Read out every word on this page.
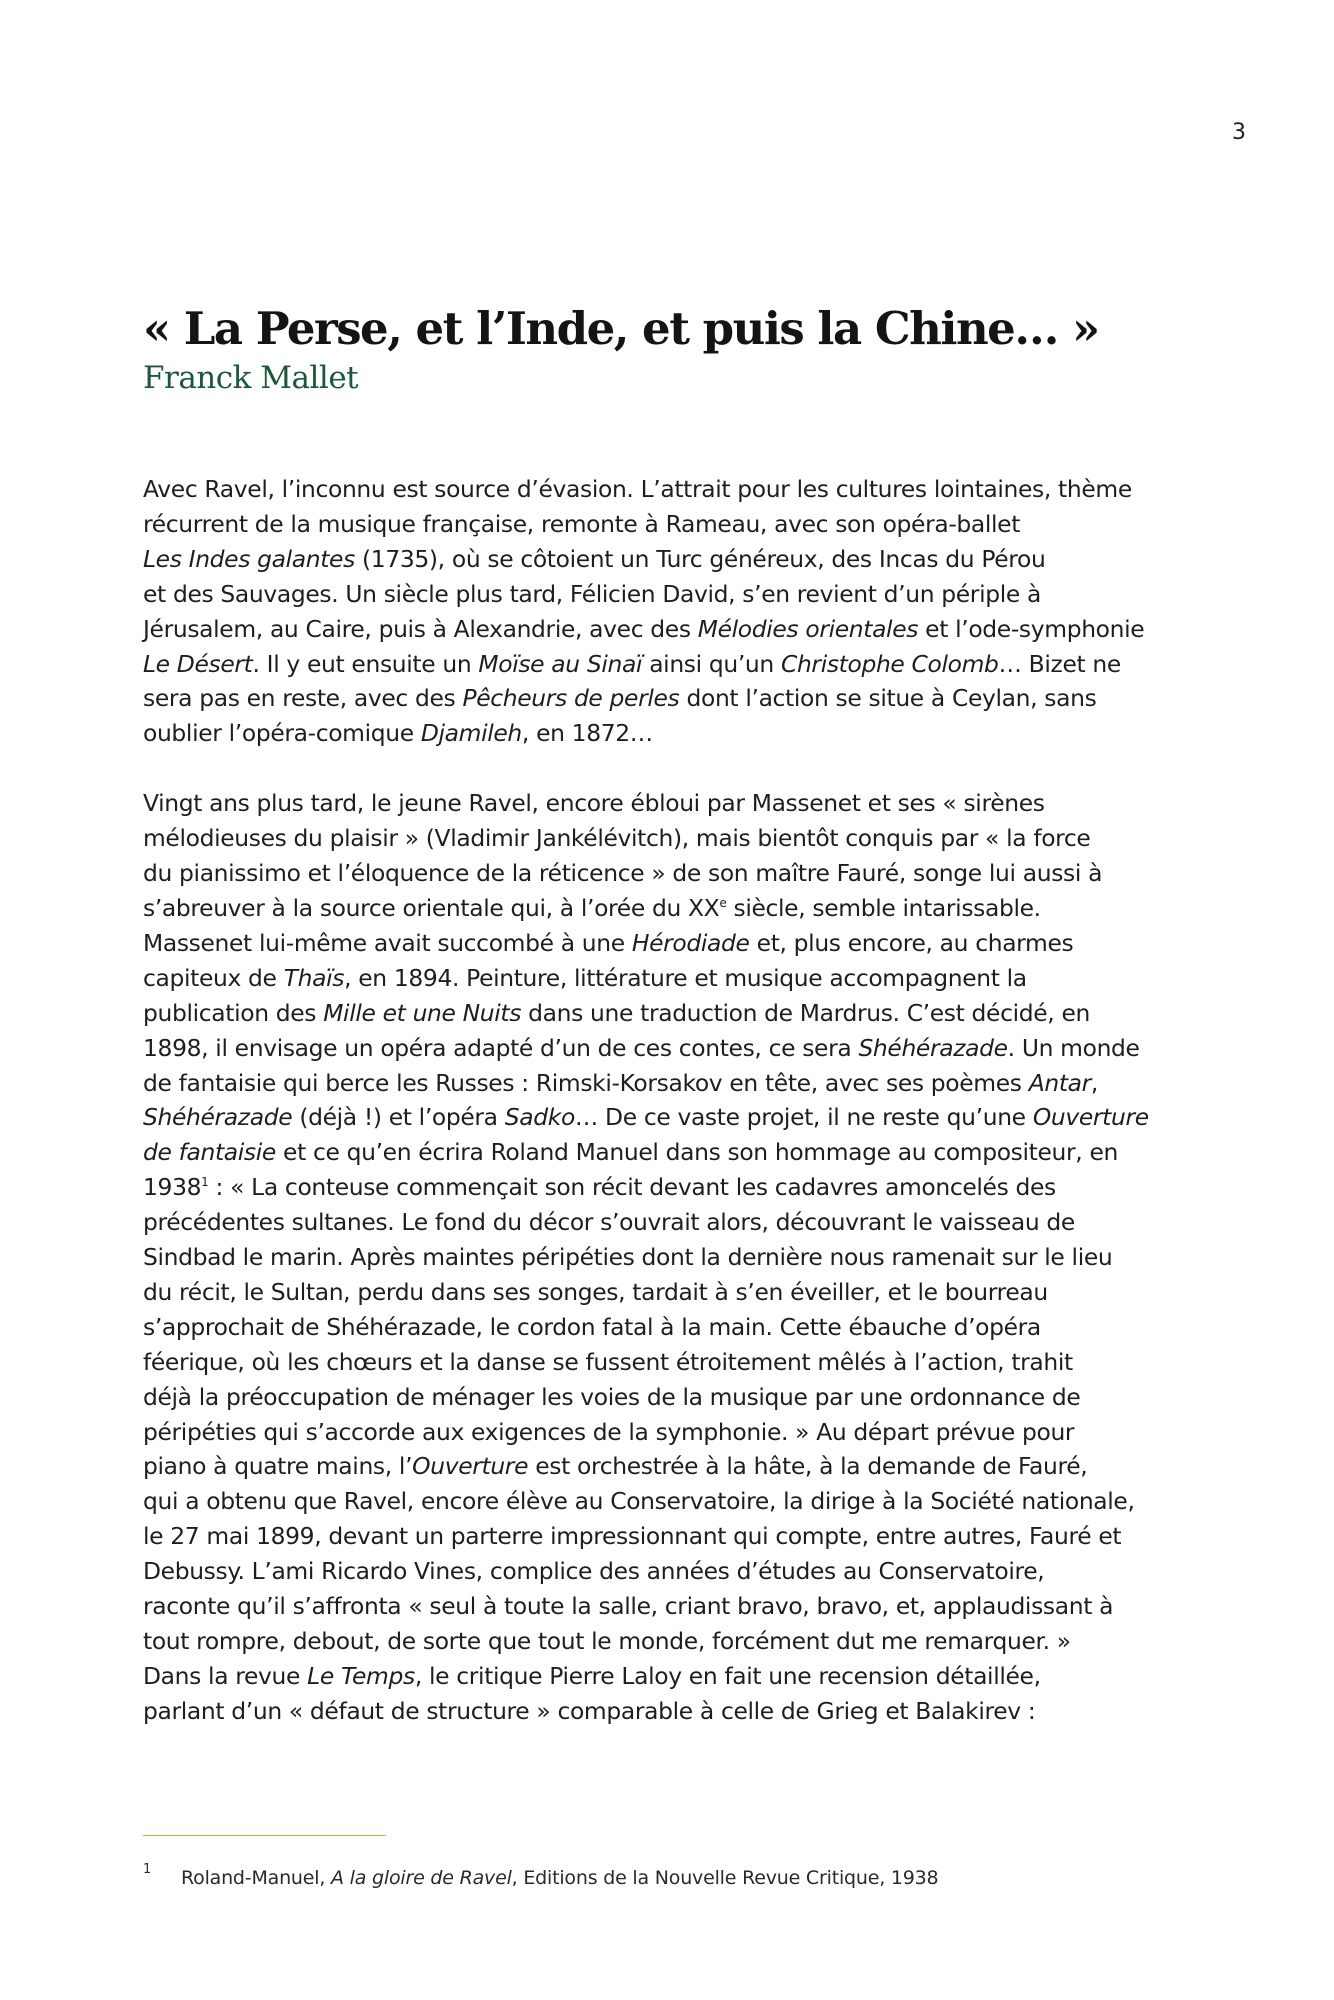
3
« La Perse, et l’Inde, et puis la Chine… »

Franck Mallet

Avec Ravel, l’inconnu est source d’évasion. L’attrait pour les cultures lointaines, thème
récurrent de la musique française, remonte à Rameau, avec son opéra-ballet
Les Indes galantes (1735), où se côtoient un Turc généreux, des Incas du Pérou
et des Sauvages. Un siècle plus tard, Félicien David, s’en revient d’un périple à
Jérusalem, au Caire, puis à Alexandrie, avec des Mélodies orientales et l’ode-symphonie
Le Désert. Il y eut ensuite un Moïse au Sinaï ainsi qu’un Christophe Colomb… Bizet ne
sera pas en reste, avec des Pêcheurs de perles dont l’action se situe à Ceylan, sans
oublier l’opéra-comique Djamileh, en 1872…

Vingt ans plus tard, le jeune Ravel, encore ébloui par Massenet et ses « sirènes
mélodieuses du plaisir » (Vladimir Jankélévitch), mais bientôt conquis par « la force
du pianissimo et l’éloquence de la réticence » de son maître Fauré, songe lui aussi à
s’abreuver à la source orientale qui, à l’orée du XXe siècle, semble intarissable.
Massenet lui-même avait succombé à une Hérodiade et, plus encore, au charmes
capiteux de Thaïs, en 1894. Peinture, littérature et musique accompagnent la
publication des Mille et une Nuits dans une traduction de Mardrus. C’est décidé, en
1898, il envisage un opéra adapté d’un de ces contes, ce sera Shéhérazade. Un monde
de fantaisie qui berce les Russes : Rimski-Korsakov en tête, avec ses poèmes Antar,
Shéhérazade (déjà !) et l’opéra Sadko… De ce vaste projet, il ne reste qu’une Ouverture
de fantaisie et ce qu’en écrira Roland Manuel dans son hommage au compositeur, en
1938$^1$ : « La conteuse commençait son récit devant les cadavres amoncelés des
précédentes sultanes. Le fond du décor s’ouvrait alors, découvrant le vaisseau de
Sindbad le marin. Après maintes péripéties dont la dernière nous ramenait sur le lieu
du récit, le Sultan, perdu dans ses songes, tardait à s’en éveiller, et le bourreau
s’approchait de Shéhérazade, le cordon fatal à la main. Cette ébauche d’opéra
féerique, où les chœurs et la danse se fussent étroitement mêlés à l’action, trahit
déjà la préoccupation de ménager les voies de la musique par une ordonnance de
péripéties qui s’accorde aux exigences de la symphonie. » Au départ prévue pour
piano à quatre mains, l’Ouverture est orchestrée à la hâte, à la demande de Fauré,
qui a obtenu que Ravel, encore élève au Conservatoire, la dirige à la Société nationale,
le 27 mai 1899, devant un parterre impressionnant qui compte, entre autres, Fauré et
Debussy. L’ami Ricardo Vines, complice des années d’études au Conservatoire,
raconte qu’il s’affronta « seul à toute la salle, criant bravo, bravo, et, applaudissant à
tout rompre, debout, de sorte que tout le monde, forcément dut me remarquer. »
Dans la revue Le Temps, le critique Pierre Laloy en fait une recension détaillée,
parlant d’un « défaut de structure » comparable à celle de Grieg et Balakirev :

1 Roland-Manuel, A la gloire de Ravel, Editions de la Nouvelle Revue Critique, 1938
